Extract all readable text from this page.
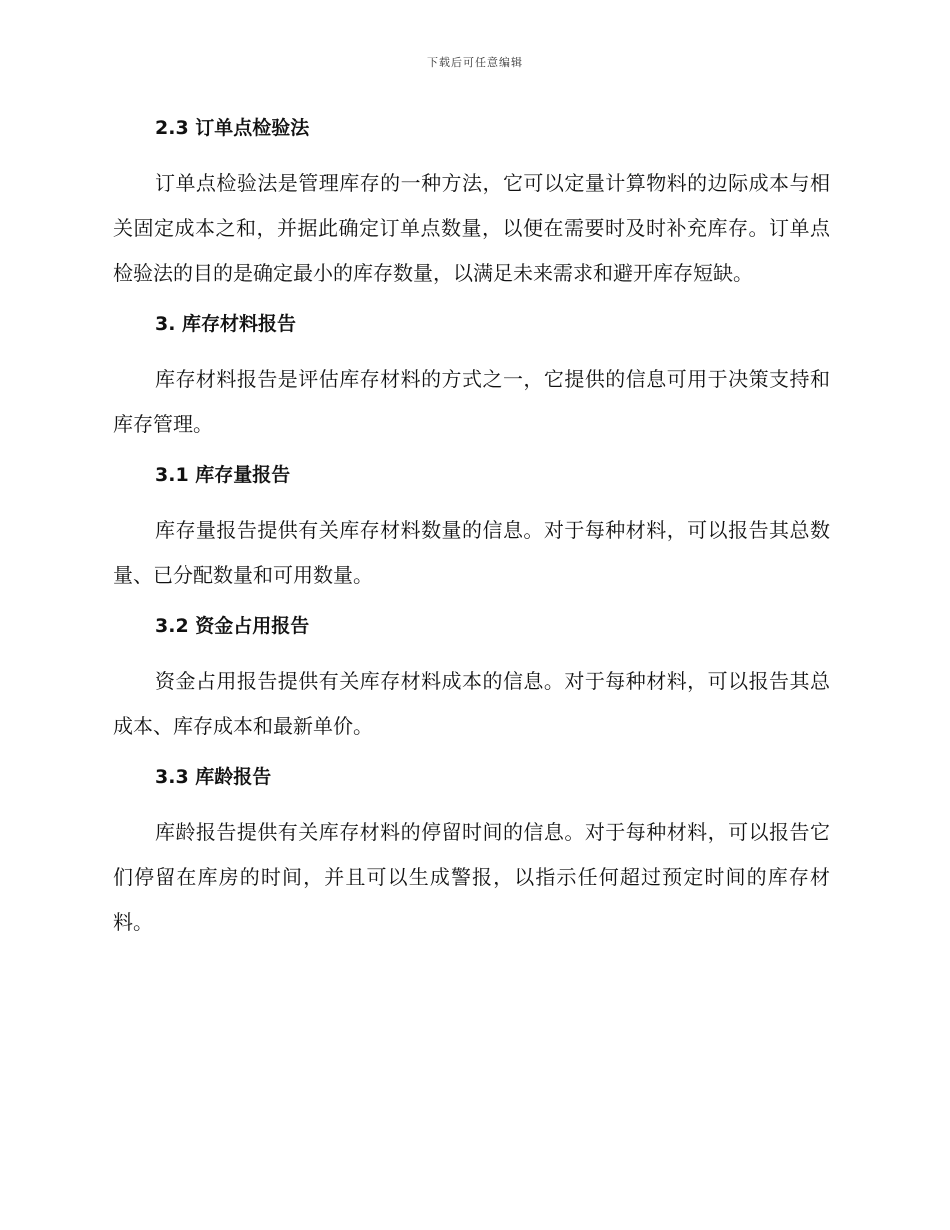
下载后可任意编辑
2.3 订单点检验法

订单点检验法是管理库存的一种方法，它可以定量计算物料的边际成本与相关固定成本之和，并据此确定订单点数量，以便在需要时及时补充库存。订单点检验法的目的是确定最小的库存数量，以满足未来需求和避开库存短缺。

3. 库存材料报告

库存材料报告是评估库存材料的方式之一，它提供的信息可用于决策支持和库存管理。

3.1 库存量报告

库存量报告提供有关库存材料数量的信息。对于每种材料，可以报告其总数量、已分配数量和可用数量。

3.2 资金占用报告

资金占用报告提供有关库存材料成本的信息。对于每种材料，可以报告其总成本、库存成本和最新单价。

3.3 库龄报告

库龄报告提供有关库存材料的停留时间的信息。对于每种材料，可以报告它们停留在库房的时间，并且可以生成警报，以指示任何超过预定时间的库存材料。
